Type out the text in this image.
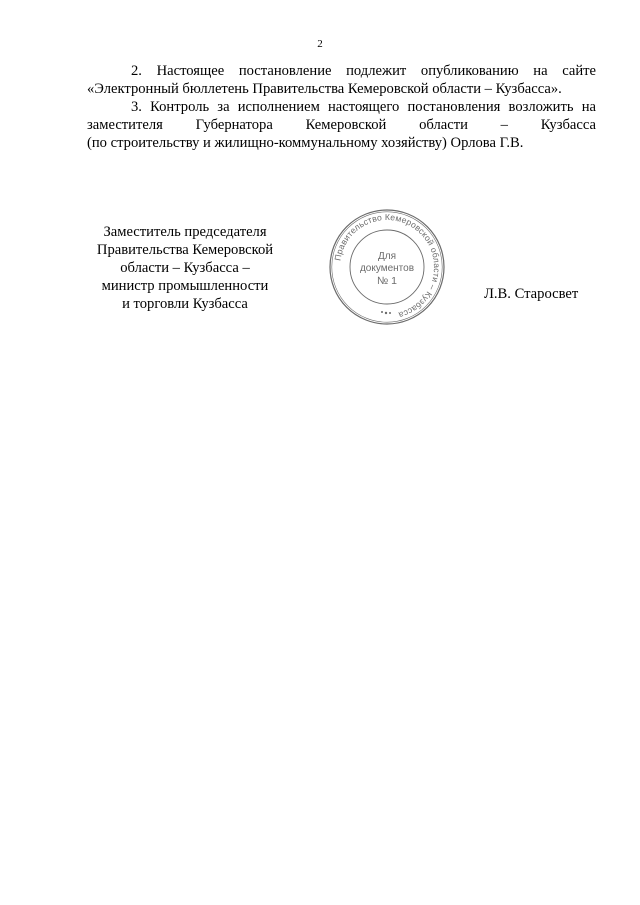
2

2. Настоящее постановление подлежит опубликованию на сайте

«Электронный бюллетень Правительства Кемеровской области – Кузбасса».

3. Контроль за исполнением настоящего постановления возложить на

заместителя Губернатора Кемеровской области – Кузбасса

(по строительству и жилищно-коммунальному хозяйству) Орлова Г.В.

Заместитель председателя
Правительства Кемеровской
области – Кузбасса –
министр промышленности
и торговли Кузбасса
Правительство Кемеровской области – Кузбасса
Для
документов
№ 1
Л.В. Старосвет
